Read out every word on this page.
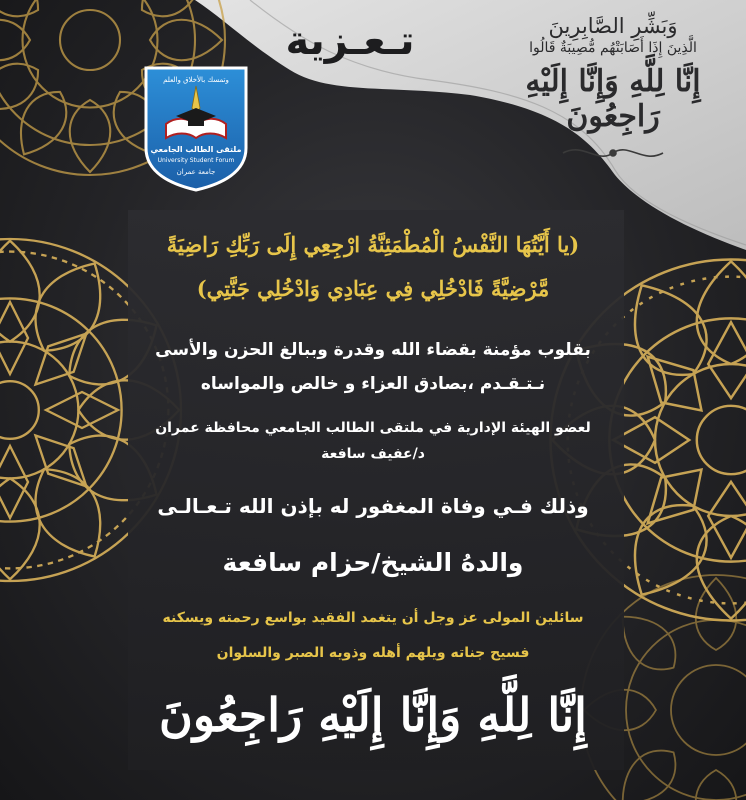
تـعـزية	وَبَشِّرِ الصَّابِرِينَ
الَّذِينَ إِذَا أَصَابَتْهُم مُّصِيبَةٌ قَالُوا
إِنَّا لِلَّهِ وَإِنَّا إِلَيْهِ رَاجِعُونَ
وتمسك بالأخلاق والعلم
ملتقى الطالب الجامعي
University Student Forum
جامعة عمران
(يا أَيَّتُهَا النَّفْسُ الْمُطْمَئِنَّةُ ارْجِعِي إِلَى رَبِّكِ رَاضِيَةً
مَّرْضِيَّةً فَادْخُلِي فِي عِبَادِي وَادْخُلِي جَنَّتِي)
بقلوب مؤمنة بقضاء الله وقدرة وببالغ الحزن والأسى
نـتـقـدم ،بصادق العزاء و خالص والمواساه
لعضو الهيئة الإدارية في ملتقى الطالب الجامعي محافظة عمران
د/عفيف سافعة
وذلك فـي وفاة المغفور له بإذن الله تـعـالـى
والدهُ الشيخ/حزام سافعة
سائلين المولى عز وجل أن يتغمد الفقيد بواسع رحمته ويسكنه
فسيح جناته ويلهم أهله وذويه الصبر والسلوان
إِنَّا لِلَّهِ وَإِنَّا إِلَيْهِ رَاجِعُونَ
